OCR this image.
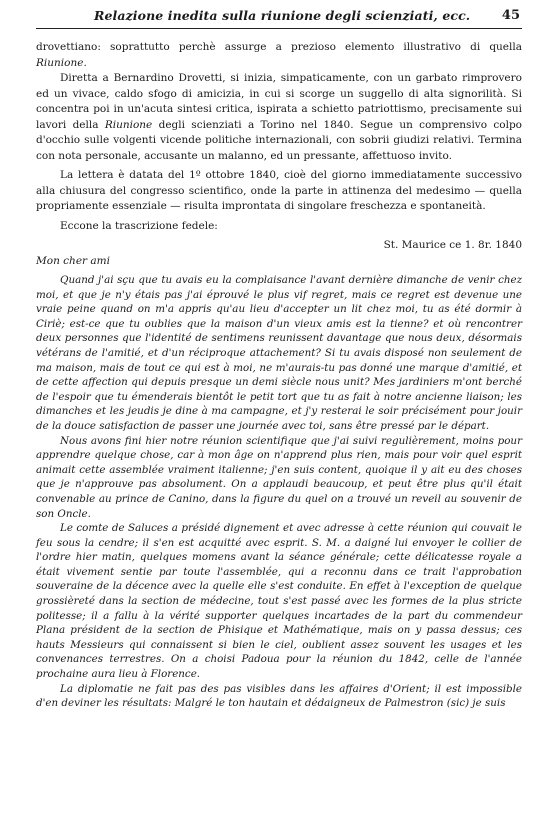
Relazione inedita sulla riunione degli scienziati, ecc. 45

drovettiano: soprattutto perchè assurge a prezioso elemento illustrativo di quella Riunione.

Diretta a Bernardino Drovetti, si inizia, simpaticamente, con un garbato rimprovero ed un vivace, caldo sfogo di amicizia, in cui si scorge un suggello di alta signorilità. Si concentra poi in un'acuta sintesi critica, ispirata a schietto patriottismo, precisamente sui lavori della Riunione degli scienziati a Torino nel 1840. Segue un comprensivo colpo d'occhio sulle volgenti vicende politiche internazionali, con sobrii giudizi relativi. Termina con nota personale, accusante un malanno, ed un pressante, affettuoso invito.

La lettera è datata del 1º ottobre 1840, cioè del giorno immediatamente successivo alla chiusura del congresso scientifico, onde la parte in attinenza del medesimo — quella propriamente essenziale — risulta improntata di singolare freschezza e spontaneità.

Eccone la trascrizione fedele:

St. Maurice ce 1. 8r. 1840

Mon cher ami

Quand j'ai sçu que tu avais eu la complaisance l'avant dernière dimanche de venir chez moi, et que je n'y étais pas j'ai éprouvé le plus vif regret, mais ce regret est devenue une vraie peine quand on m'a appris qu'au lieu d'accepter un lit chez moi, tu as été dormir à Ciriè; est-ce que tu oublies que la maison d'un vieux amis est la tienne? et où rencontrer deux personnes que l'identité de sentimens reunissent davantage que nous deux, désormais vétérans de l'amitié, et d'un réciproque attachement? Si tu avais disposé non seulement de ma maison, mais de tout ce qui est à moi, ne m'aurais-tu pas donné une marque d'amitié, et de cette affection qui depuis presque un demi siècle nous unit? Mes jardiniers m'ont berché de l'espoir que tu émenderais bientôt le petit tort que tu as fait à notre ancienne liaison; les dimanches et les jeudis je dine à ma campagne, et j'y resterai le soir précisément pour jouir de la douce satisfaction de passer une journée avec toi, sans être pressé par le départ.

Nous avons fini hier notre réunion scientifique que j'ai suivi regulièrement, moins pour apprendre quelque chose, car à mon âge on n'apprend plus rien, mais pour voir quel esprit animait cette assemblée vraiment italienne; j'en suis content, quoique il y ait eu des choses que je n'approuve pas absolument. On a applaudi beaucoup, et peut être plus qu'il était convenable au prince de Canino, dans la figure du quel on a trouvé un reveil au souvenir de son Oncle.

Le comte de Saluces a présidé dignement et avec adresse à cette réunion qui couvait le feu sous la cendre; il s'en est acquitté avec esprit. S. M. a daigné lui envoyer le collier de l'ordre hier matin, quelques momens avant la séance générale; cette délicatesse royale a était vivement sentie par toute l'assemblée, qui a reconnu dans ce trait l'approbation souveraine de la décence avec la quelle elle s'est conduite. En effet à l'exception de quelque grossièreté dans la section de médecine, tout s'est passé avec les formes de la plus stricte politesse; il a fallu à la vérité supporter quelques incartades de la part du commendeur Plana président de la section de Phisique et Mathématique, mais on y passa dessus; ces hauts Messieurs qui connaissent si bien le ciel, oublient assez souvent les usages et les convenances terrestres. On a choisi Padoua pour la réunion du 1842, celle de l'année prochaine aura lieu à Florence.

La diplomatie ne fait pas des pas visibles dans les affaires d'Orient; il est impossible d'en deviner les résultats: Malgré le ton hautain et dédaigneux de Palmestron (sic) je suis
